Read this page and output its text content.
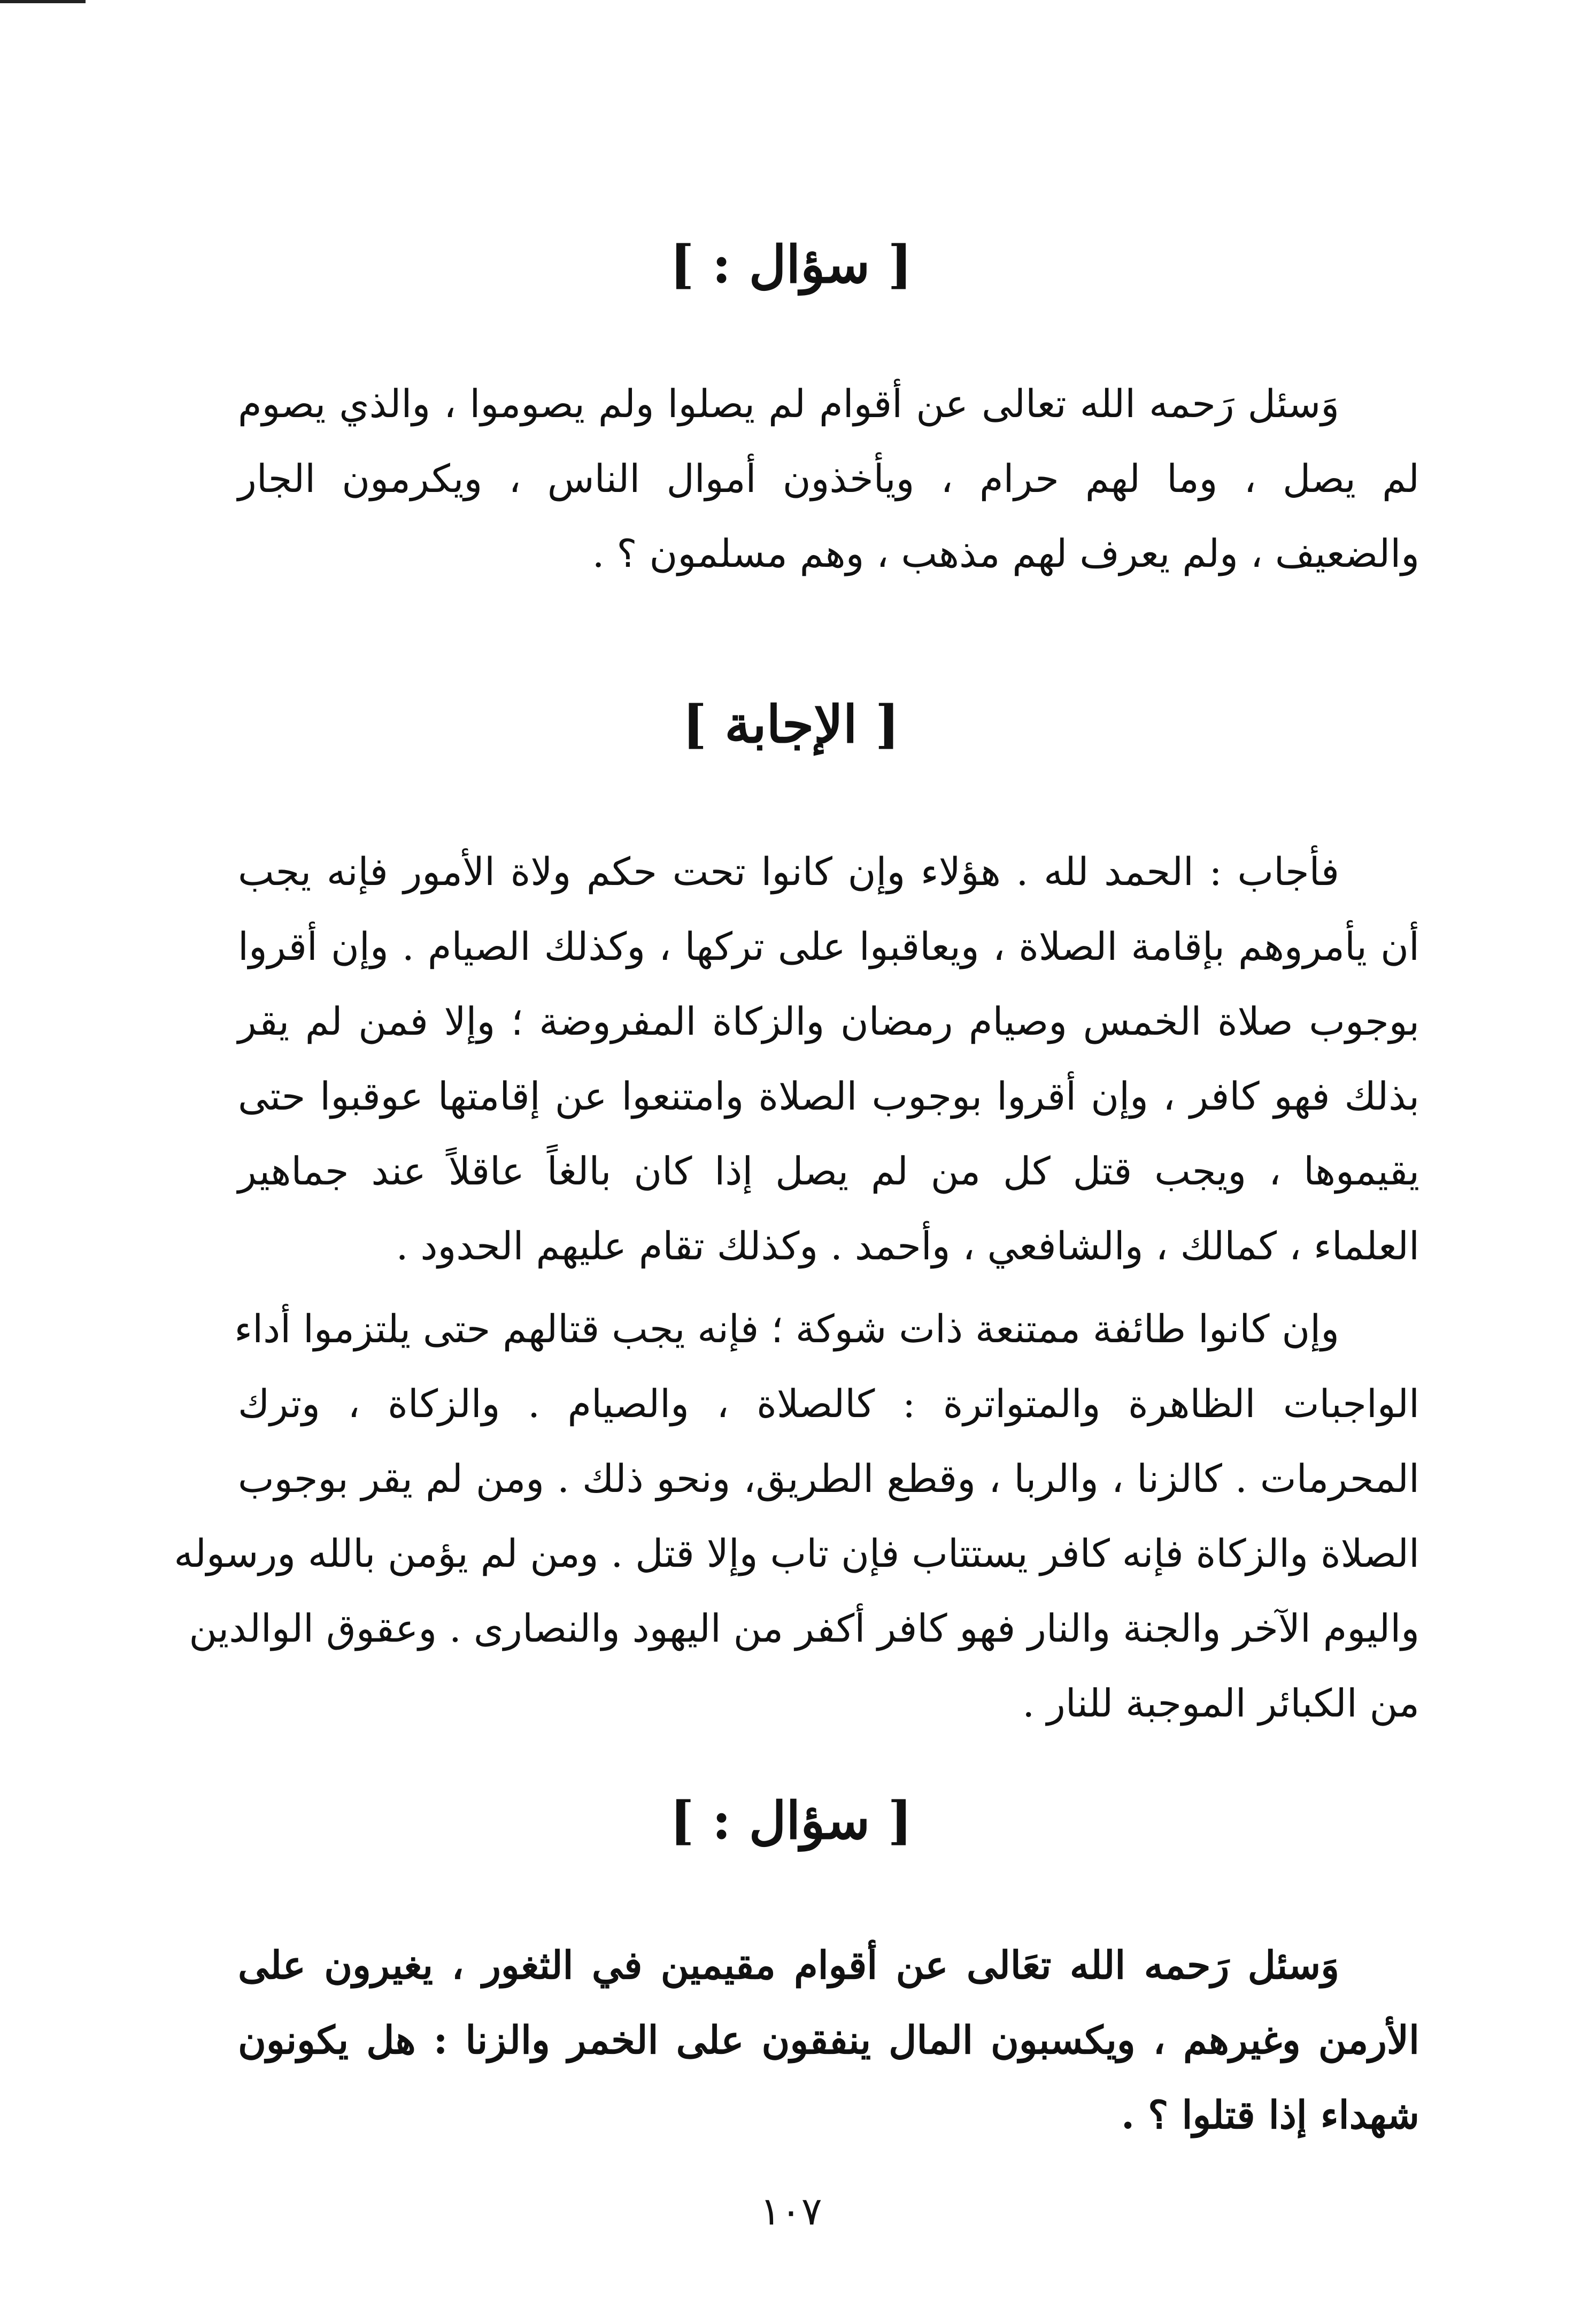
[ سؤال : ]
وَسئل رَحمه الله تعالى عن أقوام لم يصلوا ولم يصوموا ، والذي يصوم
لم يصل ، وما لهم حرام ، ويأخذون أموال الناس ، ويكرمون الجار
والضعيف ، ولم يعرف لهم مذهب ، وهم مسلمون ؟ .
[ الإجابة ]
فأجاب : الحمد لله . هؤلاء وإن كانوا تحت حكم ولاة الأمور فإنه يجب
أن يأمروهم بإقامة الصلاة ، ويعاقبوا على تركها ، وكذلك الصيام . وإن أقروا
بوجوب صلاة الخمس وصيام رمضان والزكاة المفروضة ؛ وإلا فمن لم يقر
بذلك فهو كافر ، وإن أقروا بوجوب الصلاة وامتنعوا عن إقامتها عوقبوا حتى
يقيموها ، ويجب قتل كل من لم يصل إذا كان بالغاً عاقلاً عند جماهير
العلماء ، كمالك ، والشافعي ، وأحمد . وكذلك تقام عليهم الحدود .
وإن كانوا طائفة ممتنعة ذات شوكة ؛ فإنه يجب قتالهم حتى يلتزموا أداء
الواجبات الظاهرة والمتواترة : كالصلاة ، والصيام . والزكاة ، وترك
المحرمات . كالزنا ، والربا ، وقطع الطريق، ونحو ذلك . ومن لم يقر بوجوب
الصلاة والزكاة فإنه كافر يستتاب فإن تاب وإلا قتل . ومن لم يؤمن بالله ورسوله
واليوم الآخر والجنة والنار فهو كافر أكفر من اليهود والنصارى . وعقوق الوالدين
من الكبائر الموجبة للنار .
[ سؤال : ]
وَسئل رَحمه الله تعَالى عن أقوام مقيمين في الثغور ، يغيرون على
الأرمن وغيرهم ، ويكسبون المال ينفقون على الخمر والزنا : هل يكونون
شهداء إذا قتلوا ؟ .
١٠٧
